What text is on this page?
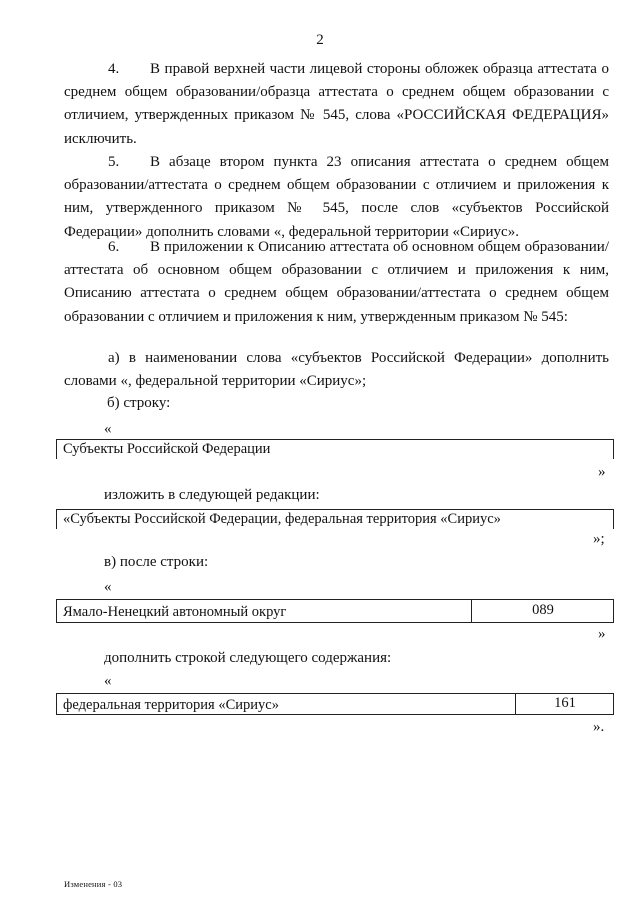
2
4. В правой верхней части лицевой стороны обложек образца аттестата о среднем общем образовании/образца аттестата о среднем общем образовании с отличием, утвержденных приказом № 545, слова «РОССИЙСКАЯ ФЕДЕРАЦИЯ» исключить.
5. В абзаце втором пункта 23 описания аттестата о среднем общем образовании/аттестата о среднем общем образовании с отличием и приложения к ним, утвержденного приказом № 545, после слов «субъектов Российской Федерации» дополнить словами «, федеральной территории «Сириус».
6. В приложении к Описанию аттестата об основном общем образовании/аттестата об основном общем образовании с отличием и приложения к ним, Описанию аттестата о среднем общем образовании/аттестата о среднем общем образовании с отличием и приложения к ним, утвержденным приказом № 545:
а) в наименовании слова «субъектов Российской Федерации» дополнить словами «, федеральной территории «Сириус»;
б) строку:
«
Субъекты Российской Федерации
»
изложить в следующей редакции:
«Субъекты Российской Федерации, федеральная территория «Сириус»
»;
в) после строки:
«
Ямало-Ненецкий автономный округ	089
»
дополнить строкой следующего содержания:
«
федеральная территория «Сириус»	161
».
Изменения - 03
